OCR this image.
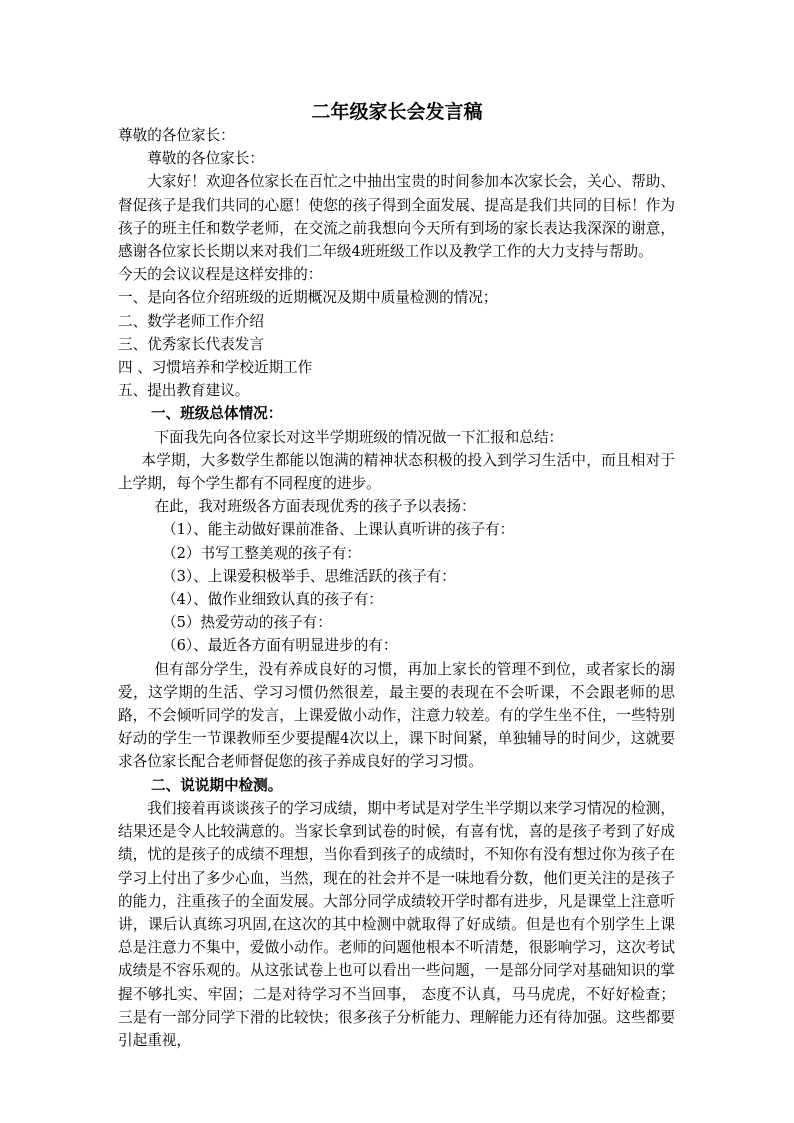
二年级家长会发言稿

尊敬的各位家长：

尊敬的各位家长：

大家好！欢迎各位家长在百忙之中抽出宝贵的时间参加本次家长会，关心、帮助、督促孩子是我们共同的心愿！使您的孩子得到全面发展、提高是我们共同的目标！作为孩子的班主任和数学老师，在交流之前我想向今天所有到场的家长表达我深深的谢意，感谢各位家长长期以来对我们二年级4班班级工作以及教学工作的大力支持与帮助。

今天的会议议程是这样安排的：

一、是向各位介绍班级的近期概况及期中质量检测的情况；

二、数学老师工作介绍

三、优秀家长代表发言

四 、习惯培养和学校近期工作

五、提出教育建议。

一、班级总体情况：

下面我先向各位家长对这半学期班级的情况做一下汇报和总结：

本学期，大多数学生都能以饱满的精神状态积极的投入到学习生活中，而且相对于上学期，每个学生都有不同程度的进步。

在此，我对班级各方面表现优秀的孩子予以表扬：

（1）、能主动做好课前准备、上课认真听讲的孩子有：

（2）书写工整美观的孩子有：

（3）、上课爱积极举手、思维活跃的孩子有：

（4）、做作业细致认真的孩子有：

（5）热爱劳动的孩子有：

（6）、最近各方面有明显进步的有：

但有部分学生，没有养成良好的习惯，再加上家长的管理不到位，或者家长的溺爱，这学期的生活、学习习惯仍然很差，最主要的表现在不会听课，不会跟老师的思路，不会倾听同学的发言，上课爱做小动作，注意力较差。有的学生坐不住，一些特别好动的学生一节课教师至少要提醒4次以上，课下时间紧，单独辅导的时间少，这就要求各位家长配合老师督促您的孩子养成良好的学习习惯。

二、说说期中检测。

我们接着再谈谈孩子的学习成绩，期中考试是对学生半学期以来学习情况的检测，结果还是令人比较满意的。当家长拿到试卷的时候，有喜有忧，喜的是孩子考到了好成绩，忧的是孩子的成绩不理想，当你看到孩子的成绩时，不知你有没有想过你为孩子在学习上付出了多少心血，当然，现在的社会并不是一味地看分数，他们更关注的是孩子的能力，注重孩子的全面发展。大部分同学成绩较开学时都有进步，凡是课堂上注意听讲，课后认真练习巩固,在这次的其中检测中就取得了好成绩。但是也有个别学生上课总是注意力不集中，爱做小动作。老师的问题他根本不听清楚，很影响学习，这次考试成绩是不容乐观的。从这张试卷上也可以看出一些问题，一是部分同学对基础知识的掌握不够扎实、牢固；二是对待学习不当回事， 态度不认真，马马虎虎，不好好检查；三是有一部分同学下滑的比较快；很多孩子分析能力、理解能力还有待加强。这些都要引起重视，
